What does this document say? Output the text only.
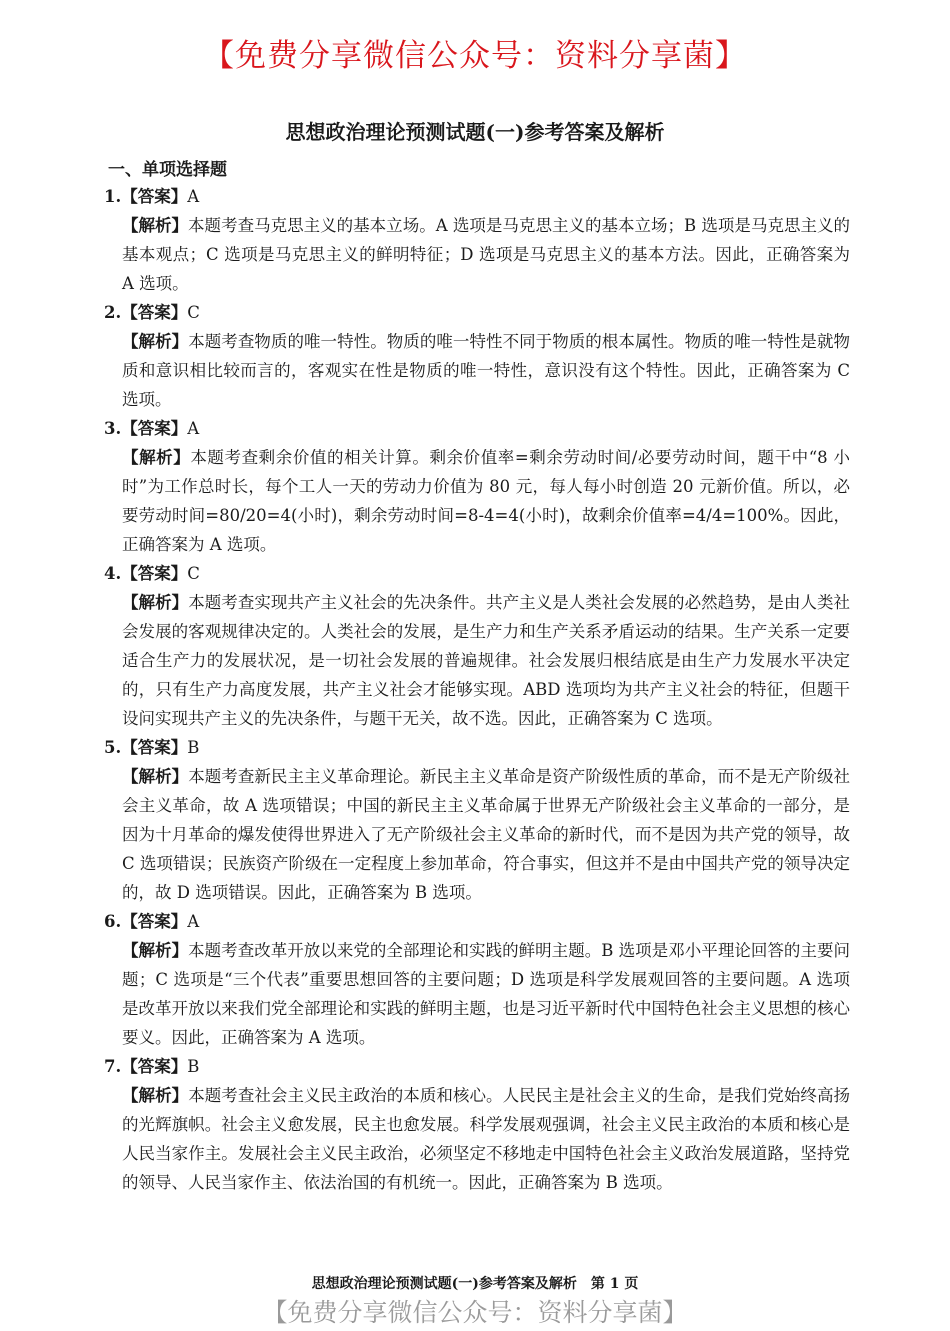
【免费分享微信公众号：资料分享菌】
思想政治理论预测试题(一)参考答案及解析
一、单项选择题
1.【答案】A
【解析】本题考查马克思主义的基本立场。A 选项是马克思主义的基本立场；B 选项是马克思主义的基本观点；C 选项是马克思主义的鲜明特征；D 选项是马克思主义的基本方法。因此，正确答案为 A 选项。
2.【答案】C
【解析】本题考查物质的唯一特性。物质的唯一特性不同于物质的根本属性。物质的唯一特性是就物质和意识相比较而言的，客观实在性是物质的唯一特性，意识没有这个特性。因此，正确答案为 C 选项。
3.【答案】A
【解析】本题考查剩余价值的相关计算。剩余价值率=剩余劳动时间/必要劳动时间，题干中“8 小时”为工作总时长，每个工人一天的劳动力价值为 80 元，每人每小时创造 20 元新价值。所以，必要劳动时间=80/20=4(小时)，剩余劳动时间=8-4=4(小时)，故剩余价值率=4/4=100%。因此，正确答案为 A 选项。
4.【答案】C
【解析】本题考查实现共产主义社会的先决条件。共产主义是人类社会发展的必然趋势，是由人类社会发展的客观规律决定的。人类社会的发展，是生产力和生产关系矛盾运动的结果。生产关系一定要适合生产力的发展状况，是一切社会发展的普遍规律。社会发展归根结底是由生产力发展水平决定的，只有生产力高度发展，共产主义社会才能够实现。ABD 选项均为共产主义社会的特征，但题干设问实现共产主义的先决条件，与题干无关，故不选。因此，正确答案为 C 选项。
5.【答案】B
【解析】本题考查新民主主义革命理论。新民主主义革命是资产阶级性质的革命，而不是无产阶级社会主义革命，故 A 选项错误；中国的新民主主义革命属于世界无产阶级社会主义革命的一部分，是因为十月革命的爆发使得世界进入了无产阶级社会主义革命的新时代，而不是因为共产党的领导，故 C 选项错误；民族资产阶级在一定程度上参加革命，符合事实，但这并不是由中国共产党的领导决定的，故 D 选项错误。因此，正确答案为 B 选项。
6.【答案】A
【解析】本题考查改革开放以来党的全部理论和实践的鲜明主题。B 选项是邓小平理论回答的主要问题；C 选项是“三个代表”重要思想回答的主要问题；D 选项是科学发展观回答的主要问题。A 选项是改革开放以来我们党全部理论和实践的鲜明主题，也是习近平新时代中国特色社会主义思想的核心要义。因此，正确答案为 A 选项。
7.【答案】B
【解析】本题考查社会主义民主政治的本质和核心。人民民主是社会主义的生命，是我们党始终高扬的光辉旗帜。社会主义愈发展，民主也愈发展。科学发展观强调，社会主义民主政治的本质和核心是人民当家作主。发展社会主义民主政治，必须坚定不移地走中国特色社会主义政治发展道路，坚持党的领导、人民当家作主、依法治国的有机统一。因此，正确答案为 B 选项。
思想政治理论预测试题(一)参考答案及解析　第 1 页
【免费分享微信公众号：资料分享菌】
